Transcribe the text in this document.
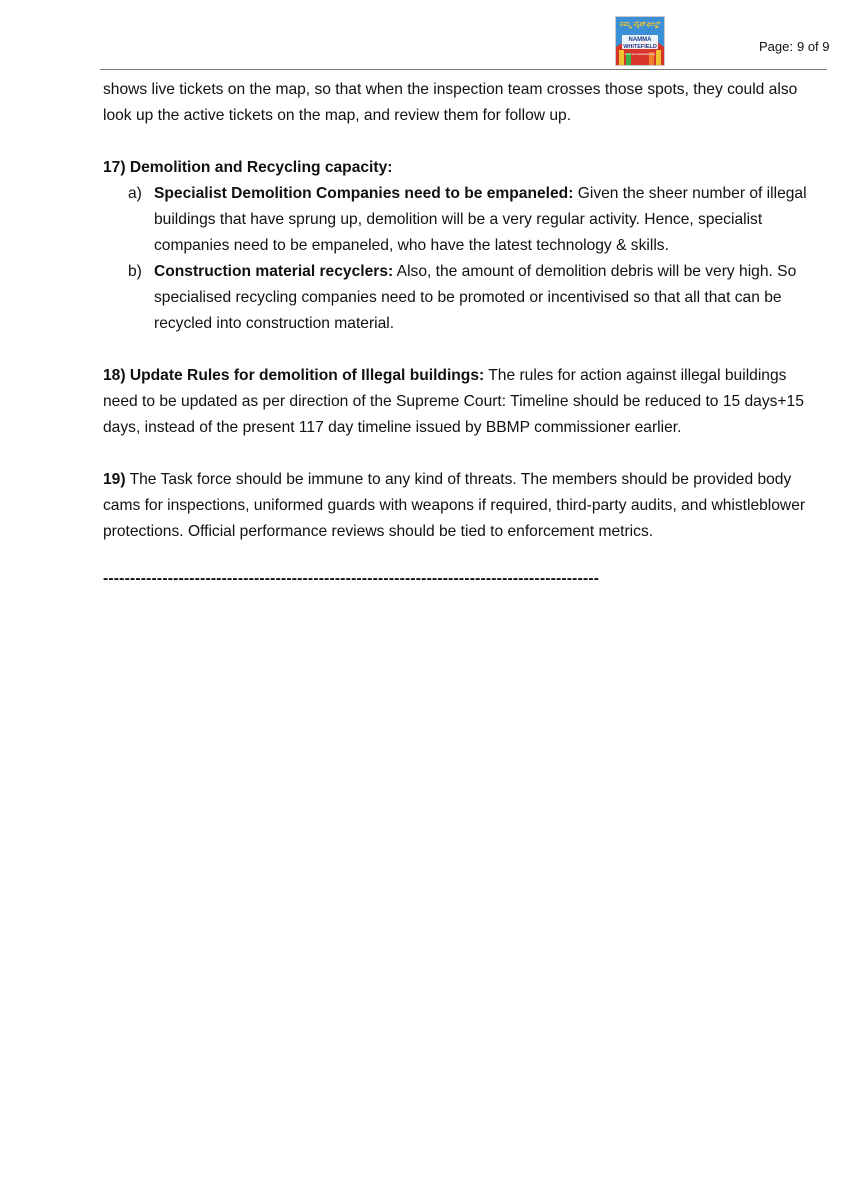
ನಮ್ಮ ವೈಟ್‌ಫೀಲ್ಡ್
NAMMA
WHITEFIELD
www.nammawhitefield.org
Page: 9 of 9

shows live tickets on the map, so that when the inspection team crosses those spots, they could also look up the active tickets on the map, and review them for follow up.

17) Demolition and Recycling capacity:

a) Specialist Demolition Companies need to be empaneled: Given the sheer number of illegal buildings that have sprung up, demolition will be a very regular activity. Hence, specialist companies need to be empaneled, who have the latest technology & skills.
b) Construction material recyclers: Also, the amount of demolition debris will be very high. So specialised recycling companies need to be promoted or incentivised so that all that can be recycled into construction material.

18) Update Rules for demolition of Illegal buildings: The rules for action against illegal buildings need to be updated as per direction of the Supreme Court: Timeline should be reduced to 15 days+15 days, instead of the present 117 day timeline issued by BBMP commissioner earlier.

19) The Task force should be immune to any kind of threats. The members should be provided body cams for inspections, uniformed guards with weapons if required, third-party audits, and whistleblower protections. Official performance reviews should be tied to enforcement metrics.

--------------------------------------------------------------------------------------------
